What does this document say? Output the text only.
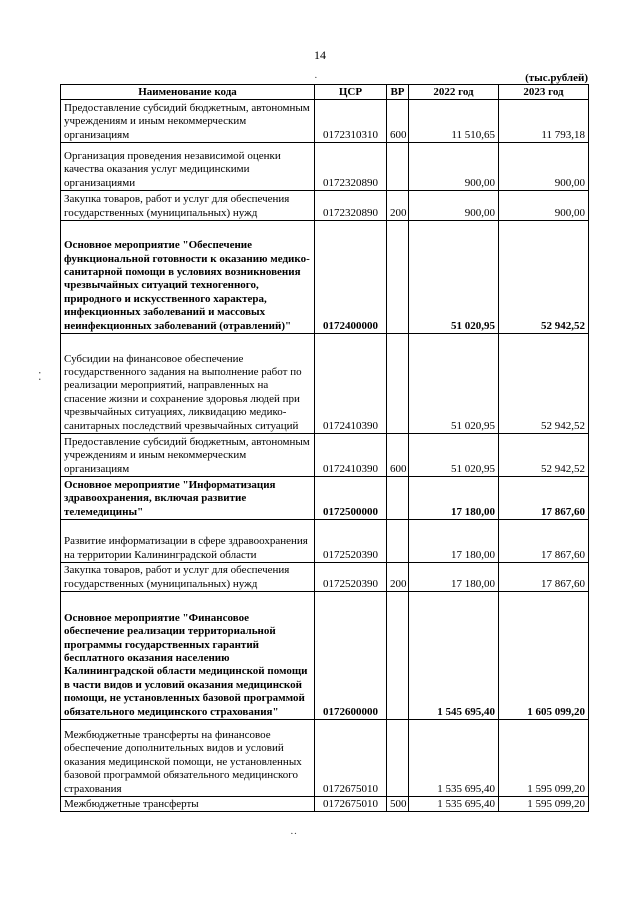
14
·	(тыс.рублей)
Наименование кода	ЦСР	ВР	2022 год	2023 год
Предоставление субсидий бюджетным, автономным учреждениям и иным некоммерческим организациям	0172310310	600	11 510,65	11 793,18
Организация проведения независимой оценки качества оказания услуг медицинскими организациями	0172320890		900,00	900,00
Закупка товаров, работ и услуг для обеспечения государственных (муниципальных) нужд	0172320890	200	900,00	900,00
Основное мероприятие "Обеспечение функциональной готовности к оказанию медико-санитарной помощи в условиях возникновения чрезвычайных ситуаций техногенного, природного и искусственного характера, инфекционных заболеваний и массовых неинфекционных заболеваний (отравлений)"	0172400000		51 020,95	52 942,52
Субсидии на финансовое обеспечение государственного задания на выполнение работ по реализации мероприятий, направленных на спасение жизни и сохранение здоровья людей при чрезвычайных ситуациях, ликвидацию медико-санитарных последствий чрезвычайных ситуаций	0172410390		51 020,95	52 942,52
Предоставление субсидий бюджетным, автономным учреждениям и иным некоммерческим организациям	0172410390	600	51 020,95	52 942,52
Основное мероприятие "Информатизация здравоохранения, включая развитие телемедицины"	0172500000		17 180,00	17 867,60
Развитие информатизации в сфере здравоохранения на территории Калининградской области	0172520390		17 180,00	17 867,60
Закупка товаров, работ и услуг для обеспечения государственных (муниципальных) нужд	0172520390	200	17 180,00	17 867,60
Основное мероприятие "Финансовое обеспечение реализации территориальной программы государственных гарантий бесплатного оказания населению Калининградской области медицинской помощи в части видов и условий оказания медицинской помощи, не установленных базовой программой обязательного медицинского страхования"	0172600000		1 545 695,40	1 605 099,20
Межбюджетные трансферты на финансовое обеспечение дополнительных видов и условий оказания медицинской помощи, не установленных базовой программой обязательного медицинского страхования	0172675010		1 535 695,40	1 595 099,20
Межбюджетные трансферты	0172675010	500	1 535 695,40	1 595 099,20
⁚
··
